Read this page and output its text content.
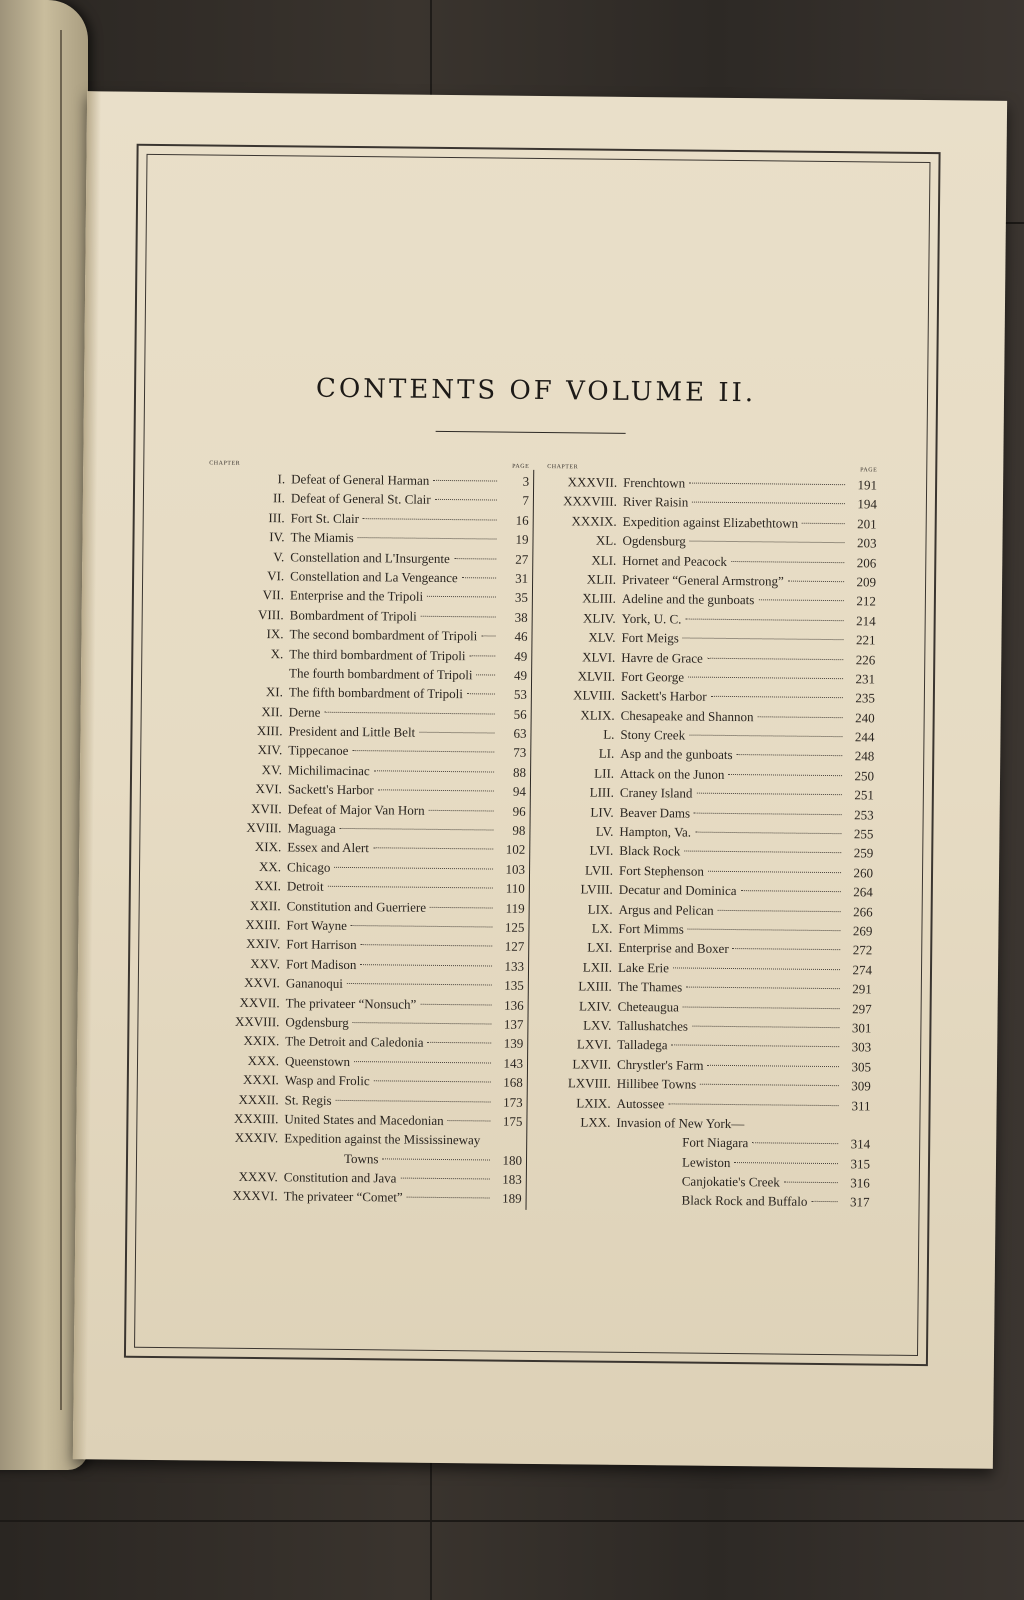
CONTENTS OF VOLUME II.
CHAPTER	PAGE
I. Defeat of General Harman	3
II. Defeat of General St. Clair	7
III. Fort St. Clair	16
IV. The Miamis	19
V. Constellation and L'Insurgente	27
VI. Constellation and La Vengeance	31
VII. Enterprise and the Tripoli	35
VIII. Bombardment of Tripoli	38
IX. The second bombardment of Tripoli	46
X. The third bombardment of Tripoli	49
The fourth bombardment of Tripoli	49
XI. The fifth bombardment of Tripoli	53
XII. Derne	56
XIII. President and Little Belt	63
XIV. Tippecanoe	73
XV. Michilimacinac	88
XVI. Sackett's Harbor	94
XVII. Defeat of Major Van Horn	96
XVIII. Maguaga	98
XIX. Essex and Alert	102
XX. Chicago	103
XXI. Detroit	110
XXII. Constitution and Guerriere	119
XXIII. Fort Wayne	125
XXIV. Fort Harrison	127
XXV. Fort Madison	133
XXVI. Gananoqui	135
XXVII. The privateer “Nonsuch”	136
XXVIII. Ogdensburg	137
XXIX. The Detroit and Caledonia	139
XXX. Queenstown	143
XXXI. Wasp and Frolic	168
XXXII. St. Regis	173
XXXIII. United States and Macedonian	175
XXXIV. Expedition against the Mississineway
Towns	180
XXXV. Constitution and Java	183
XXXVI. The privateer “Comet”	189
CHAPTER
PAGE
XXXVII. Frenchtown	191
XXXVIII. River Raisin	194
XXXIX. Expedition against Elizabethtown	201
XL. Ogdensburg	203
XLI. Hornet and Peacock	206
XLII. Privateer “General Armstrong”	209
XLIII. Adeline and the gunboats	212
XLIV. York, U. C.	214
XLV. Fort Meigs	221
XLVI. Havre de Grace	226
XLVII. Fort George	231
XLVIII. Sackett's Harbor	235
XLIX. Chesapeake and Shannon	240
L. Stony Creek	244
LI. Asp and the gunboats	248
LII. Attack on the Junon	250
LIII. Craney Island	251
LIV. Beaver Dams	253
LV. Hampton, Va.	255
LVI. Black Rock	259
LVII. Fort Stephenson	260
LVIII. Decatur and Dominica	264
LIX. Argus and Pelican	266
LX. Fort Mimms	269
LXI. Enterprise and Boxer	272
LXII. Lake Erie	274
LXIII. The Thames	291
LXIV. Cheteaugua	297
LXV. Tallushatches	301
LXVI. Talladega	303
LXVII. Chrystler's Farm	305
LXVIII. Hillibee Towns	309
LXIX. Autossee	311
LXX. Invasion of New York—
Fort Niagara	314
Lewiston	315
Canjokatie's Creek	316
Black Rock and Buffalo	317
